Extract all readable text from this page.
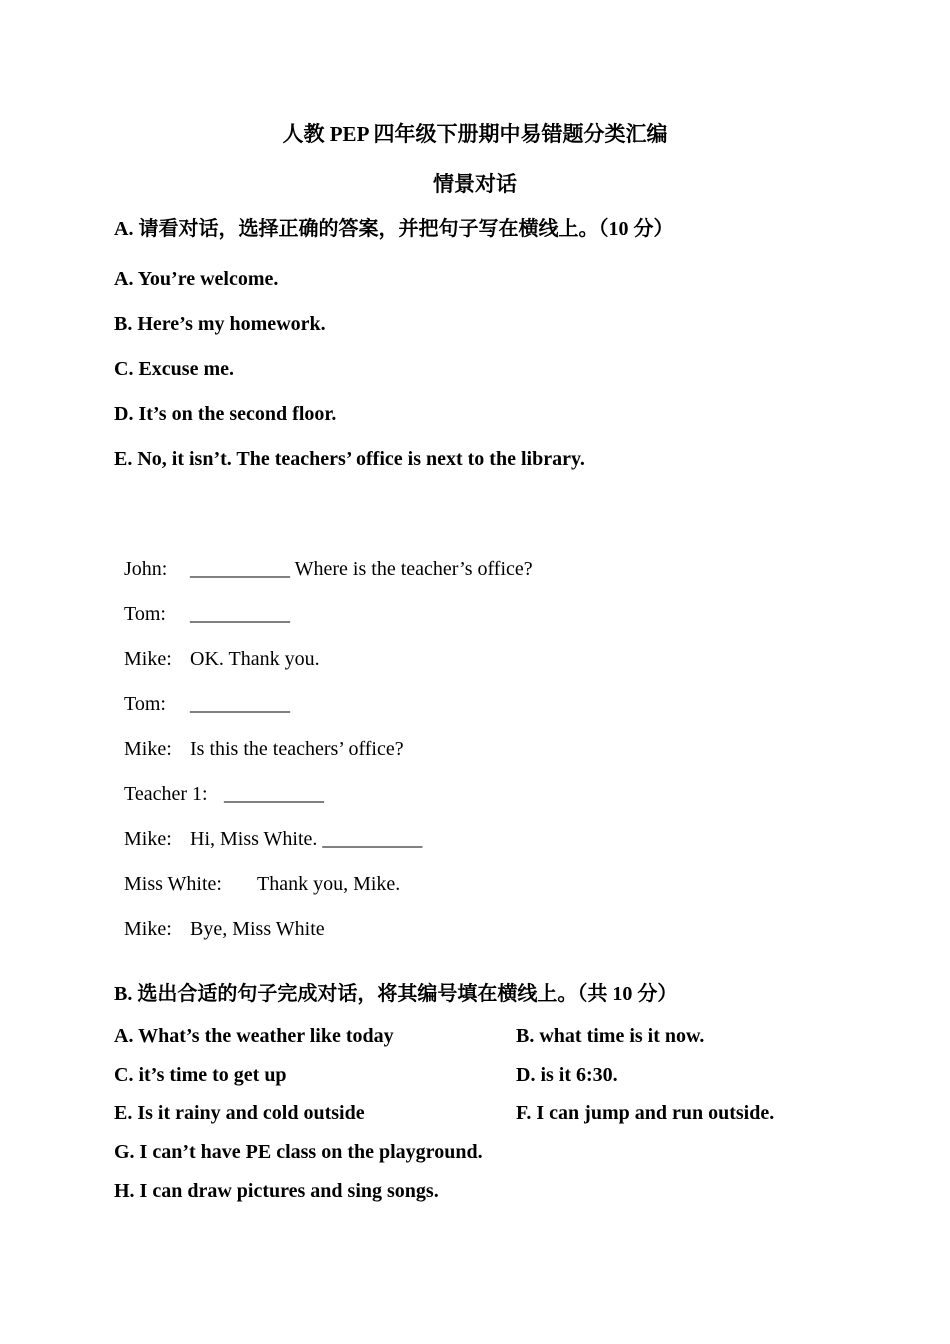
人教 PEP 四年级下册期中易错题分类汇编
情景对话
A. 请看对话，选择正确的答案，并把句子写在横线上。（10 分）
A. You’re welcome.
B. Here’s my homework.
C. Excuse me.
D. It’s on the second floor.
E. No, it isn’t. The teachers’ office is next to the library.

John: __________ Where is the teacher’s office?

Tom: __________

Mike: OK. Thank you.

Tom: __________

Mike: Is this the teachers’ office?

Teacher 1: __________

Mike: Hi, Miss White. __________

Miss White: Thank you, Mike.

Mike: Bye, Miss White

B. 选出合适的句子完成对话，将其编号填在横线上。（共 10 分）
A. What’s the weather like today	B. what time is it now.
C. it’s time to get up	D. is it 6:30.
E. Is it rainy and cold outside	F. I can jump and run outside.
G. I can’t have PE class on the playground.
H. I can draw pictures and sing songs.
